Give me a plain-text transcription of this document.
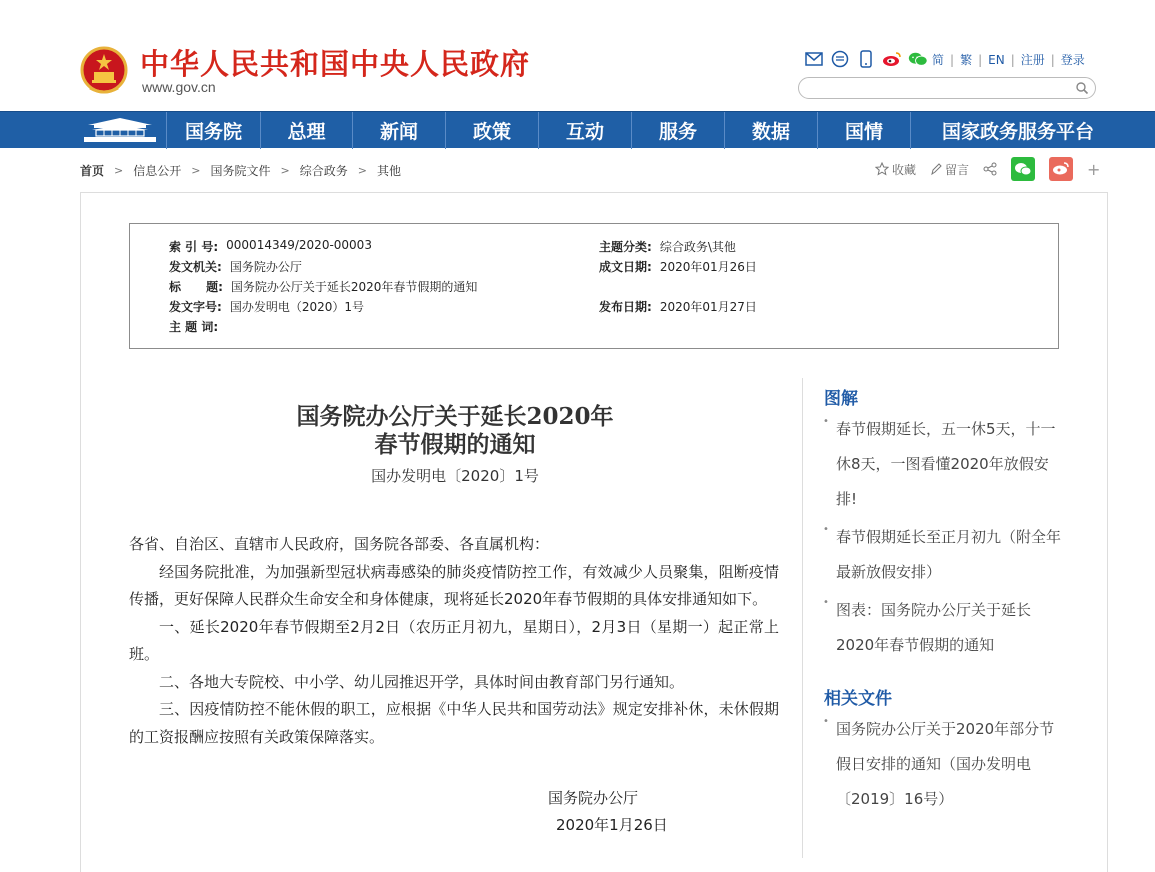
中华人民共和国中央人民政府
www.gov.cn
简 | 繁 | EN | 注册 | 登录
国务院	总理	新闻	政策	互动	服务	数据	国情	国家政务服务平台
首页 > 信息公开 > 国务院文件 > 综合政务 > 其他	收藏 留言	+
索 引 号: 000014349/2020-00003	主题分类: 综合政务\其他
发文机关: 国务院办公厅	成文日期: 2020年01月26日
标      题: 国务院办公厅关于延长2020年春节假期的通知
发文字号: 国办发明电（2020）1号	发布日期: 2020年01月27日
主 题 词:
国务院办公厅关于延长2020年
春节假期的通知
国办发明电〔2020〕1号

各省、自治区、直辖市人民政府，国务院各部委、各直属机构：

经国务院批准，为加强新型冠状病毒感染的肺炎疫情防控工作，有效减少人员聚集，阻断疫情传播，更好保障人民群众生命安全和身体健康，现将延长2020年春节假期的具体安排通知如下。

一、延长2020年春节假期至2月2日（农历正月初九，星期日），2月3日（星期一）起正常上班。

二、各地大专院校、中小学、幼儿园推迟开学，具体时间由教育部门另行通知。

三、因疫情防控不能休假的职工，应根据《中华人民共和国劳动法》规定安排补休，未休假期的工资报酬应按照有关政策保障落实。

国务院办公厅
2020年1月26日
图解
• 春节假期延长，五一休5天，十一休8天，一图看懂2020年放假安排!
• 春节假期延长至正月初九（附全年最新放假安排）
• 图表：国务院办公厅关于延长2020年春节假期的通知
相关文件
• 国务院办公厅关于2020年部分节假日安排的通知（国办发明电〔2019〕16号）
